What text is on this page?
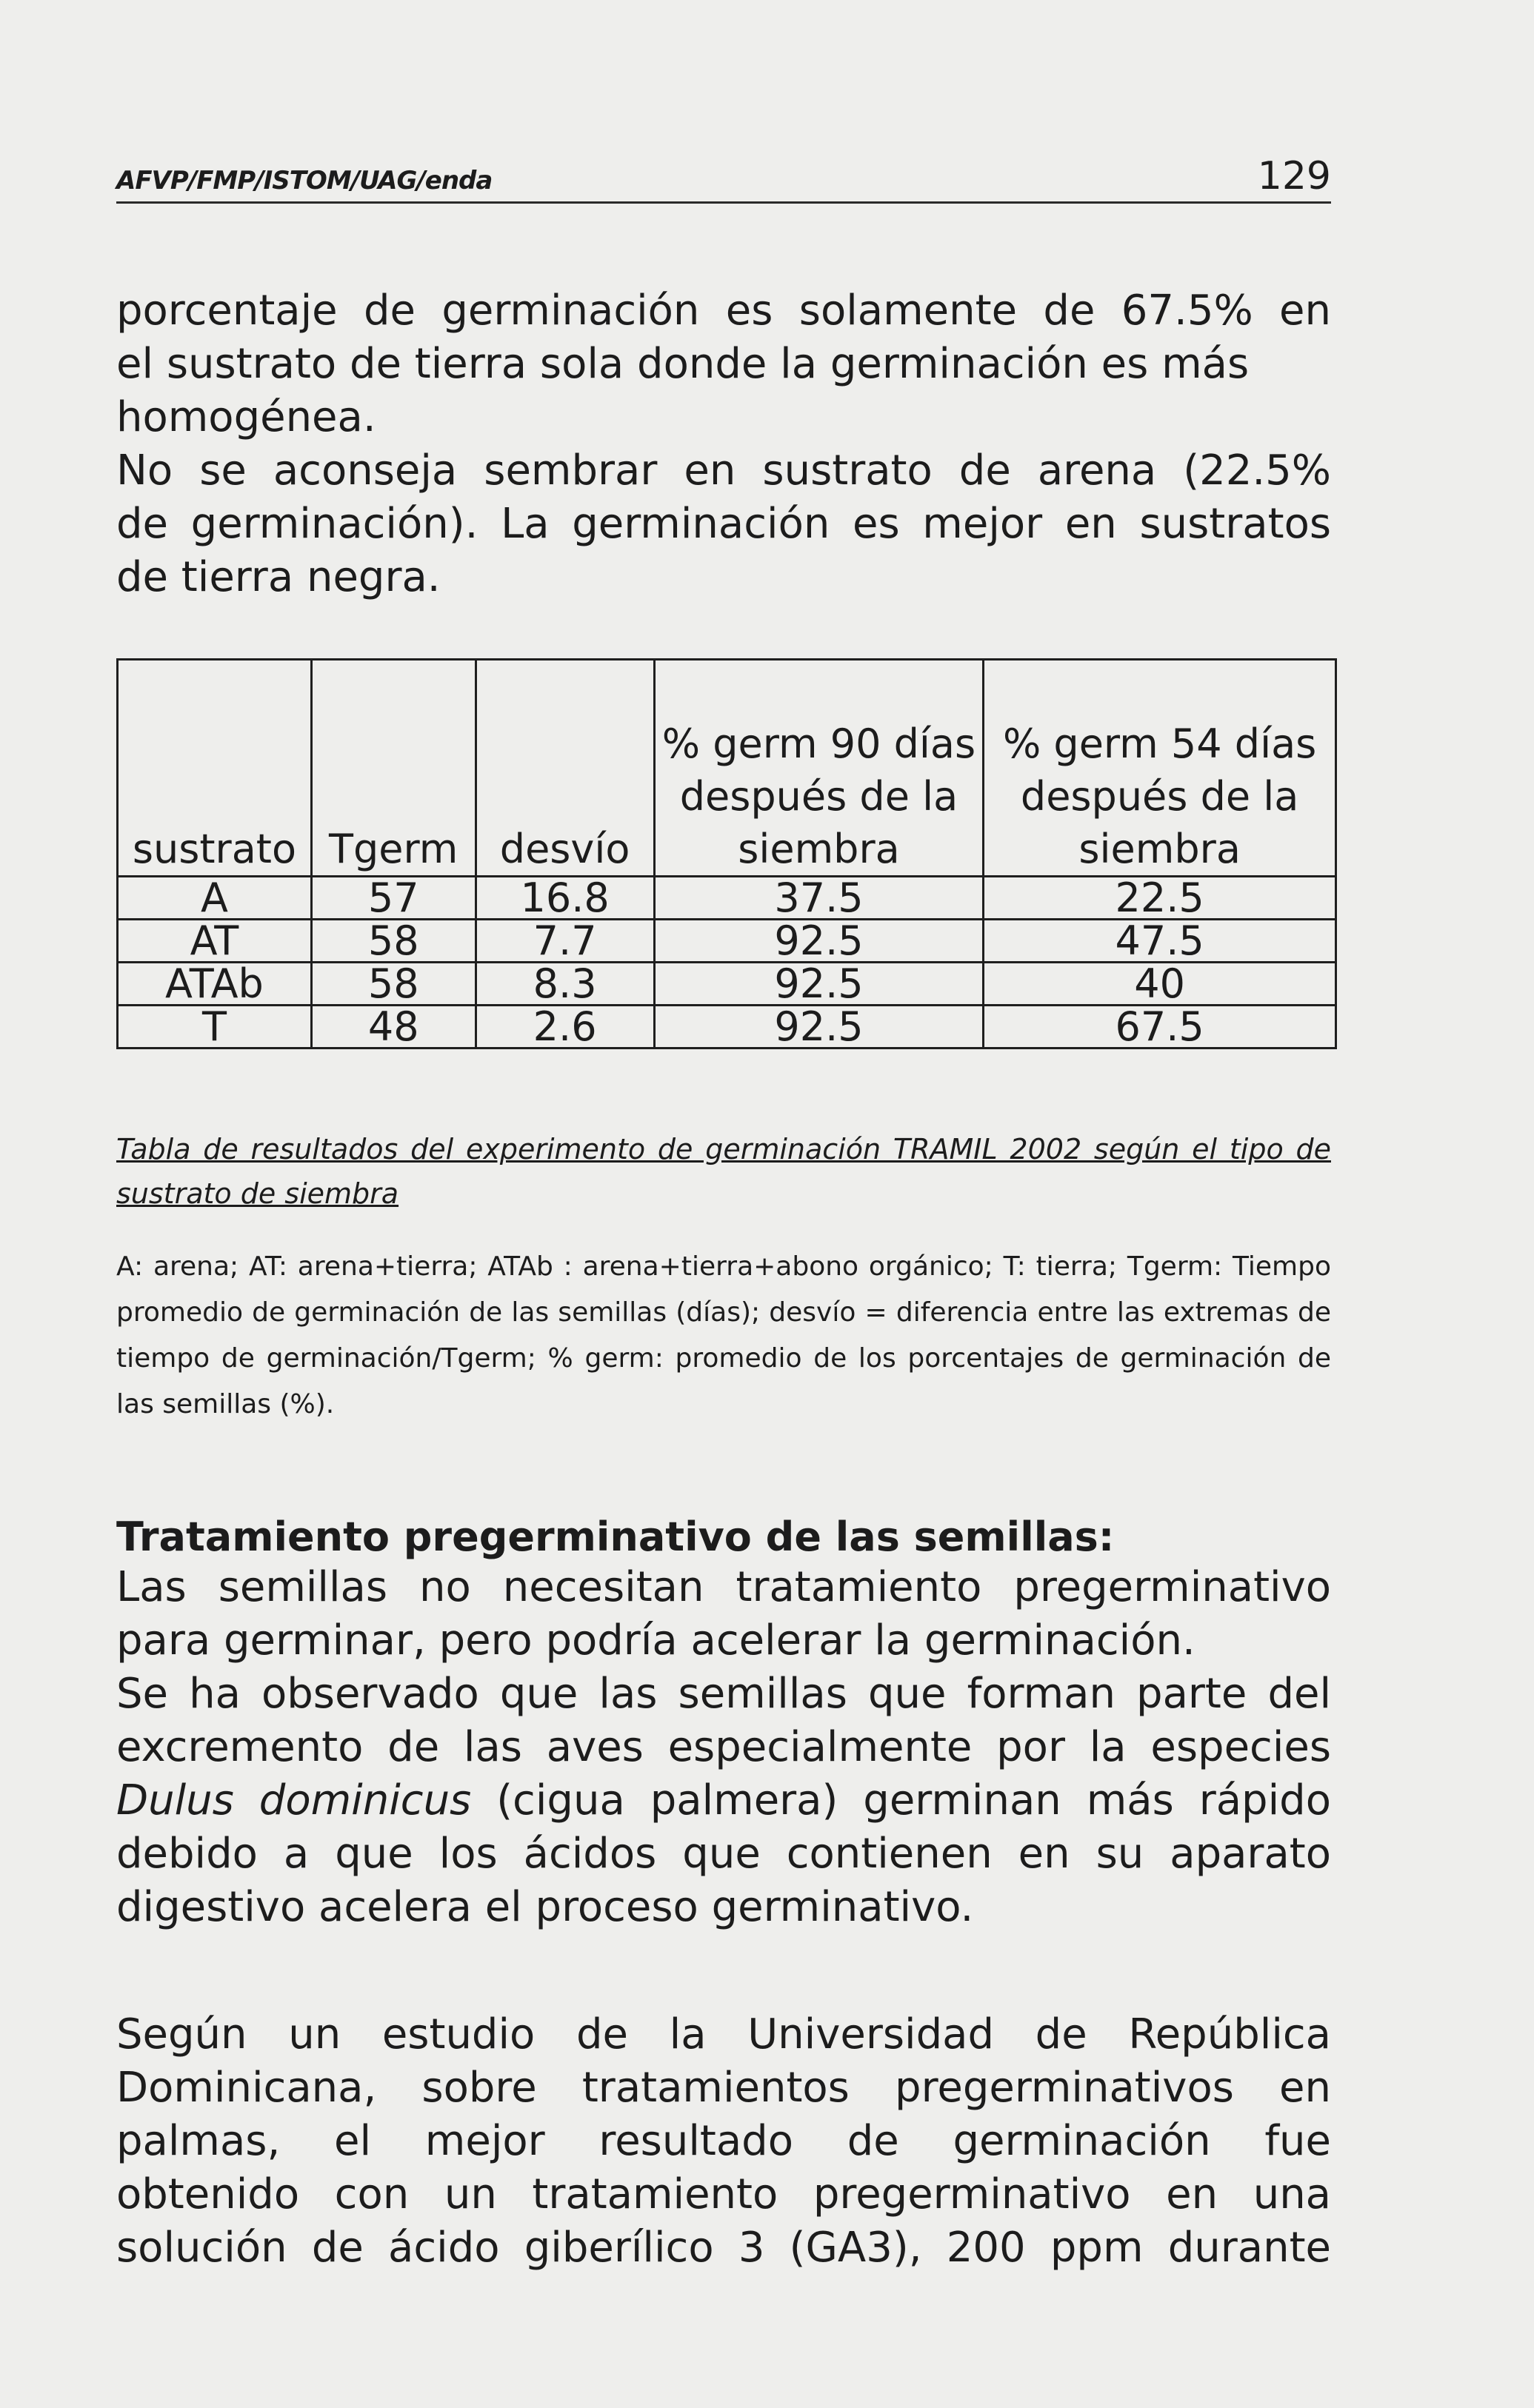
AFVP/FMP/ISTOM/UAG/enda	129

porcentaje de germinación es solamente de 67.5% en
el sustrato de tierra sola donde la germinación es más
homogénea.
No se aconseja sembrar en sustrato de arena (22.5%
de germinación). La germinación es mejor en sustratos
de tierra negra.

sustrato	Tgerm	desvío	% germ 90 días después de la siembra	% germ 54 días después de la siembra
A	57	16.8	37.5	22.5
AT	58	7.7	92.5	47.5
ATAb	58	8.3	92.5	40
T	48	2.6	92.5	67.5

Tabla de resultados del experimento de germinación TRAMIL 2002 según el tipo de sustrato de siembra

A: arena; AT: arena+tierra; ATAb : arena+tierra+abono orgánico; T: tierra; Tgerm: Tiempo promedio de germinación de las semillas (días); desvío = diferencia entre las extremas de tiempo de germinación/Tgerm; % germ: promedio de los porcentajes de germinación de las semillas (%).

Tratamiento pregerminativo de las semillas:

Las semillas no necesitan tratamiento pregerminativo
para germinar, pero podría acelerar la germinación.
Se ha observado que las semillas que forman parte del
excremento de las aves especialmente por la especies
Dulus dominicus (cigua palmera) germinan más rápido
debido a que los ácidos que contienen en su aparato
digestivo acelera el proceso germinativo.

Según un estudio de la Universidad de República
Dominicana, sobre tratamientos pregerminativos en
palmas, el mejor resultado de germinación fue
obtenido con un tratamiento pregerminativo en una
solución de ácido giberílico 3 (GA3), 200 ppm durante
